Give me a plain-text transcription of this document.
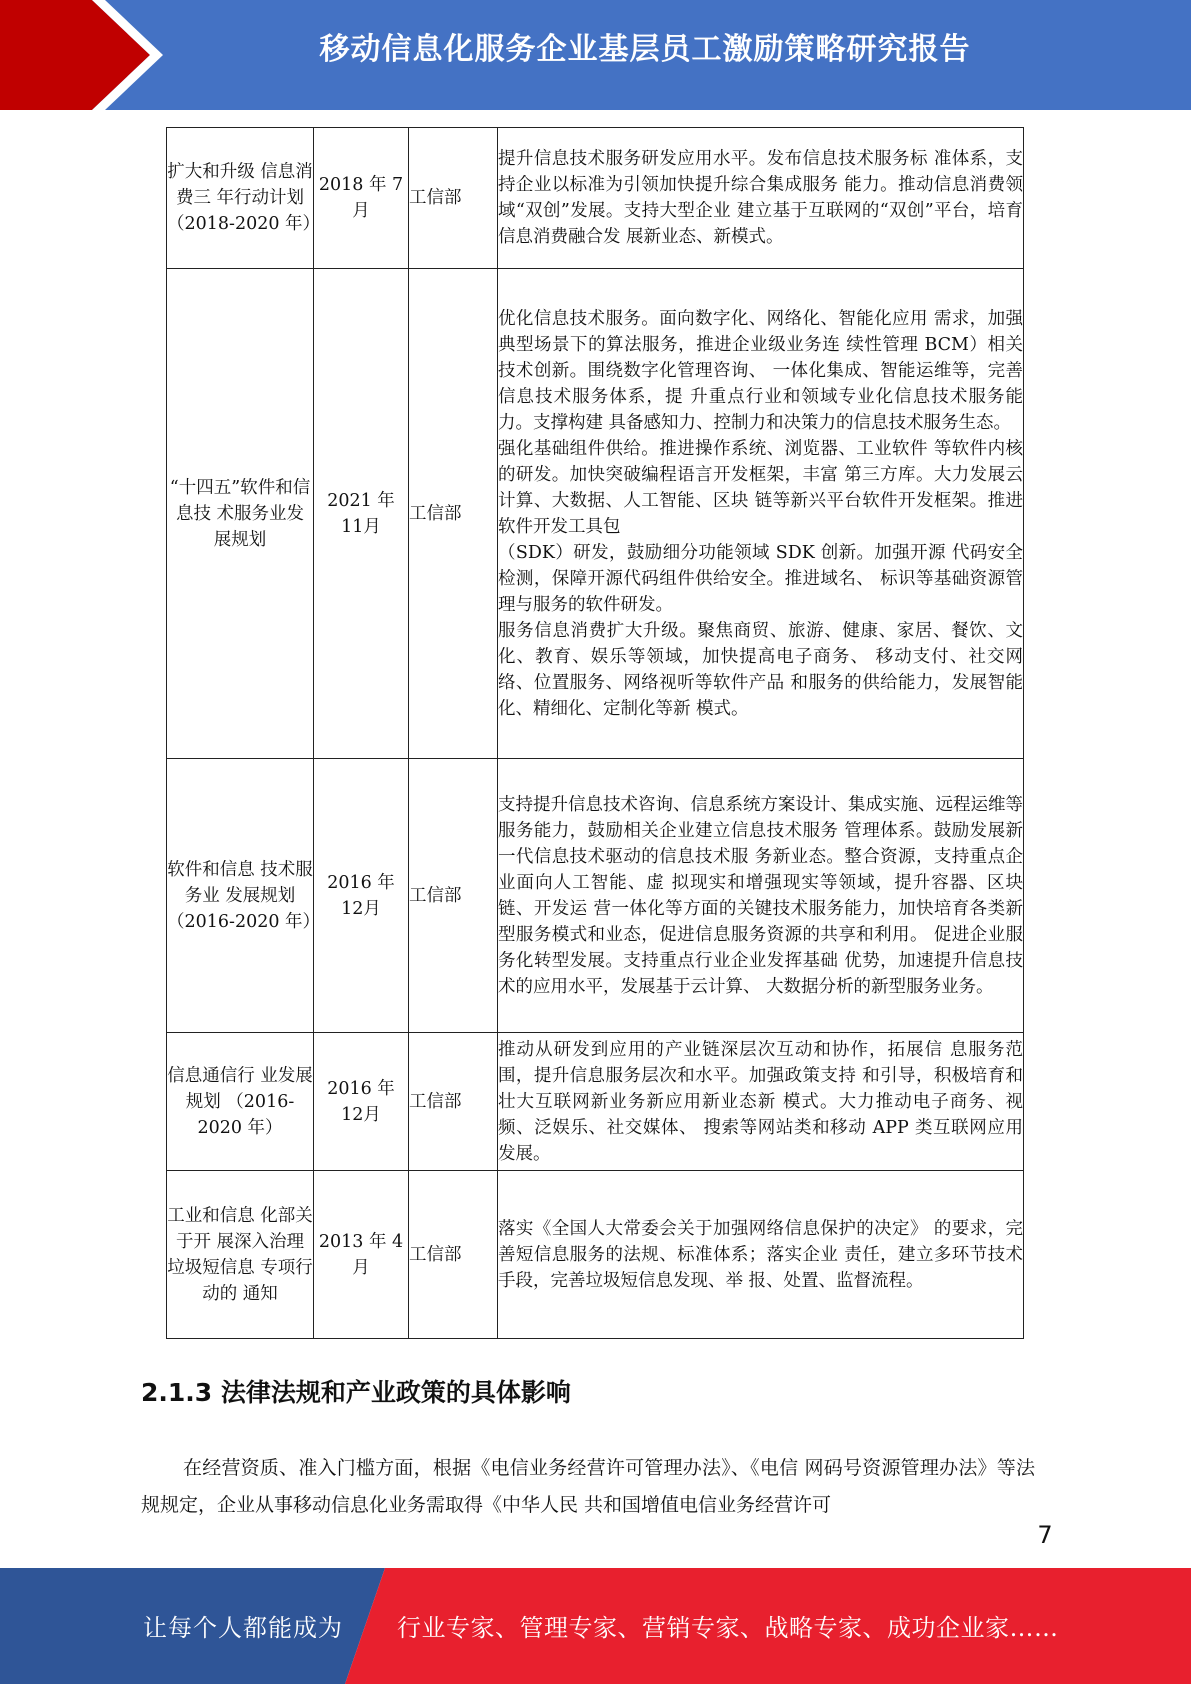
移动信息化服务企业基层员工激励策略研究报告
扩大和升级 信息消费三 年行动计划 （2018-2020 年）	2018 年 7月	工信部	提升信息技术服务研发应用水平。发布信息技术服务标 准体系，支持企业以标准为引领加快提升综合集成服务 能力。推动信息消费领域“双创”发展。支持大型企业 建立基于互联网的“双创”平台，培育信息消费融合发 展新业态、新模式。

“十四五”软件和信息技 术服务业发 展规划	2021 年 11月	工信部	优化信息技术服务。面向数字化、网络化、智能化应用 需求，加强典型场景下的算法服务，推进企业级业务连 续性管理 BCM）相关技术创新。围绕数字化管理咨询、 一体化集成、智能运维等，完善信息技术服务体系，提 升重点行业和领域专业化信息技术服务能力。支撑构建 具备感知力、控制力和决策力的信息技术服务生态。
强化基础组件供给。推进操作系统、浏览器、工业软件 等软件内核的研发。加快突破编程语言开发框架，丰富 第三方库。大力发展云计算、大数据、人工智能、区块 链等新兴平台软件开发框架。推进软件开发工具包
（SDK）研发，鼓励细分功能领域 SDK 创新。加强开源 代码安全检测，保障开源代码组件供给安全。推进域名、 标识等基础资源管理与服务的软件研发。
服务信息消费扩大升级。聚焦商贸、旅游、健康、家居、餐饮、文化、教育、娱乐等领域，加快提高电子商务、 移动支付、社交网络、位置服务、网络视听等软件产品 和服务的供给能力，发展智能化、精细化、定制化等新 模式。

软件和信息 技术服务业 发展规划 （2016-2020 年）	2016 年 12月	工信部	支持提升信息技术咨询、信息系统方案设计、集成实施、远程运维等服务能力，鼓励相关企业建立信息技术服务 管理体系。鼓励发展新一代信息技术驱动的信息技术服 务新业态。整合资源，支持重点企业面向人工智能、虚 拟现实和增强现实等领域，提升容器、区块链、开发运 营一体化等方面的关键技术服务能力，加快培育各类新 型服务模式和业态，促进信息服务资源的共享和利用。 促进企业服务化转型发展。支持重点行业企业发挥基础 优势，加速提升信息技术的应用水平，发展基于云计算、 大数据分析的新型服务业务。

信息通信行 业发展规划 （2016-2020 年）	2016 年 12月	工信部	推动从研发到应用的产业链深层次互动和协作，拓展信 息服务范围，提升信息服务层次和水平。加强政策支持 和引导，积极培育和壮大互联网新业务新应用新业态新 模式。大力推动电子商务、视频、泛娱乐、社交媒体、 搜索等网站类和移动 APP 类互联网应用发展。

工业和信息 化部关于开 展深入治理 垃圾短信息 专项行动的 通知	2013 年 4月	工信部	落实《全国人大常委会关于加强网络信息保护的决定》 的要求，完善短信息服务的法规、标准体系；落实企业 责任，建立多环节技术手段，完善垃圾短信息发现、举 报、处置、监督流程。
2.1.3 法律法规和产业政策的具体影响

在经营资质、准入门槛方面，根据《电信业务经营许可管理办法》、《电信 网码号资源管理办法》等法规规定，企业从事移动信息化业务需取得《中华人民 共和国增值电信业务经营许可

7
让每个人都能成为 行业专家、管理专家、营销专家、战略专家、成功企业家……
